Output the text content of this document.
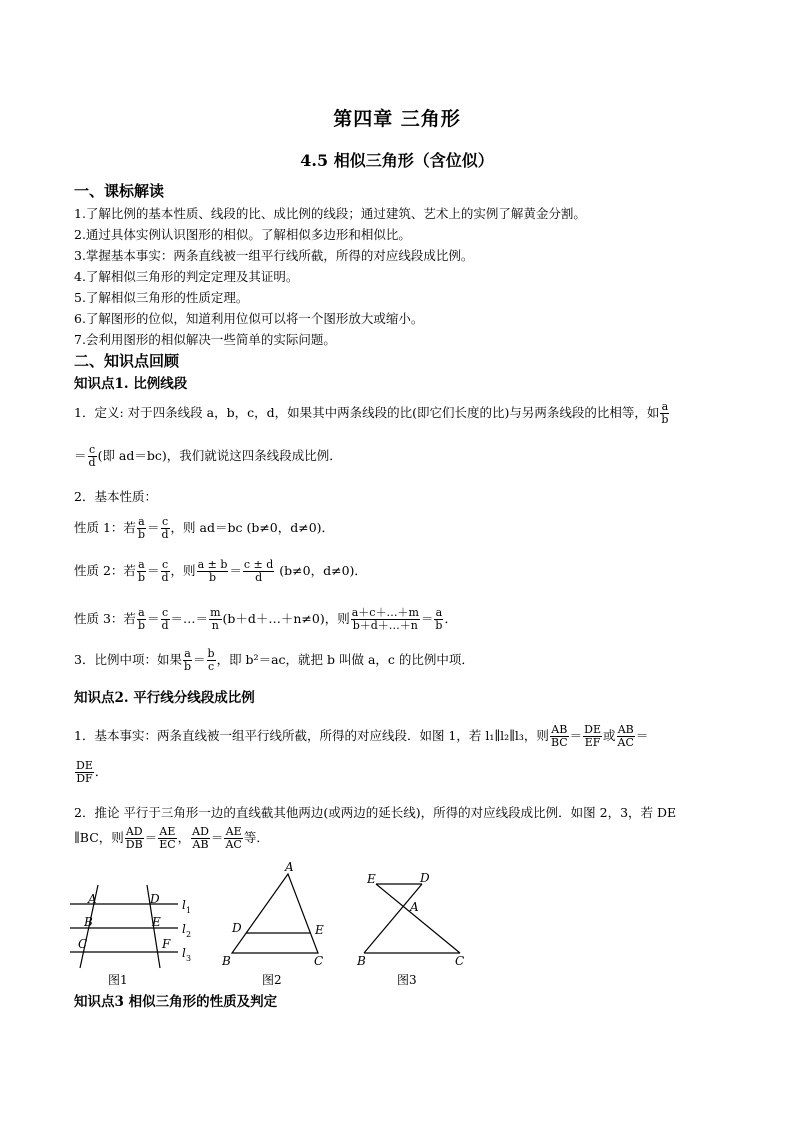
第四章 三角形
4.5 相似三角形（含位似）
一、课标解读
1.了解比例的基本性质、线段的比、成比例的线段；通过建筑、艺术上的实例了解黄金分割。
2.通过具体实例认识图形的相似。了解相似多边形和相似比。
3.掌握基本事实：两条直线被一组平行线所截，所得的对应线段成比例。
4.了解相似三角形的判定定理及其证明。
5.了解相似三角形的性质定理。
6.了解图形的位似，知道利用位似可以将一个图形放大或缩小。
7.会利用图形的相似解决一些简单的实际问题。
二、知识点回顾
知识点1. 比例线段
1．定义: 对于四条线段 a，b，c，d，如果其中两条线段的比(即它们长度的比)与另两条线段的比相等，如 $\frac{a}{b}$
＝ $\frac{c}{d}$ (即 ad＝bc)，我们就说这四条线段成比例．
2．基本性质：
性质 1：若 $\frac{a}{b} = \frac{c}{d}$ ，则 ad＝bc (b≠0，d≠0)．
性质 2：若 $\frac{a}{b} = \frac{c}{d}$ ，则 $\frac{a \pm b}{b} = \frac{c \pm d}{d} (b\ne 0$，d≠0)．
性质 3：若 $\frac{a}{b} = \frac{c}{d}$ ＝…＝ $\frac{m}{n}$ (b＋d＋…＋n≠0)，则 $\frac{a+c+\dots+m}{b+d+\dots+n} = \frac{a}{b}$ ．
3．比例中项：如果 $\frac{a}{b} = \frac{b}{c}$ ，即 b²＝ac，就把 b 叫做 a，c 的比例中项．
知识点2. 平行线分线段成比例
1．基本事实：两条直线被一组平行线所截，所得的对应线段．如图 1，若 l₁∥l₂∥l₃，则 $\frac{AB}{BC} = \frac{DE}{EF}$ 或 $\frac{AB}{AC}$ ＝
$\frac{DE}{DF}$ ．
2．推论 平行于三角形一边的直线截其他两边(或两边的延长线)，所得的对应线段成比例．如图 2，3，若 DE
∥BC，则 $\frac{AD}{DB} = \frac{AE}{EC}$ ， $\frac{AD}{AB} = \frac{AE}{AC}$ 等．
A
B
C
D
E
F
l 1
l 2
l 3
图1
A
D	E
B	C
图2
E	D
A
B	C
图3
知识点3 相似三角形的性质及判定
